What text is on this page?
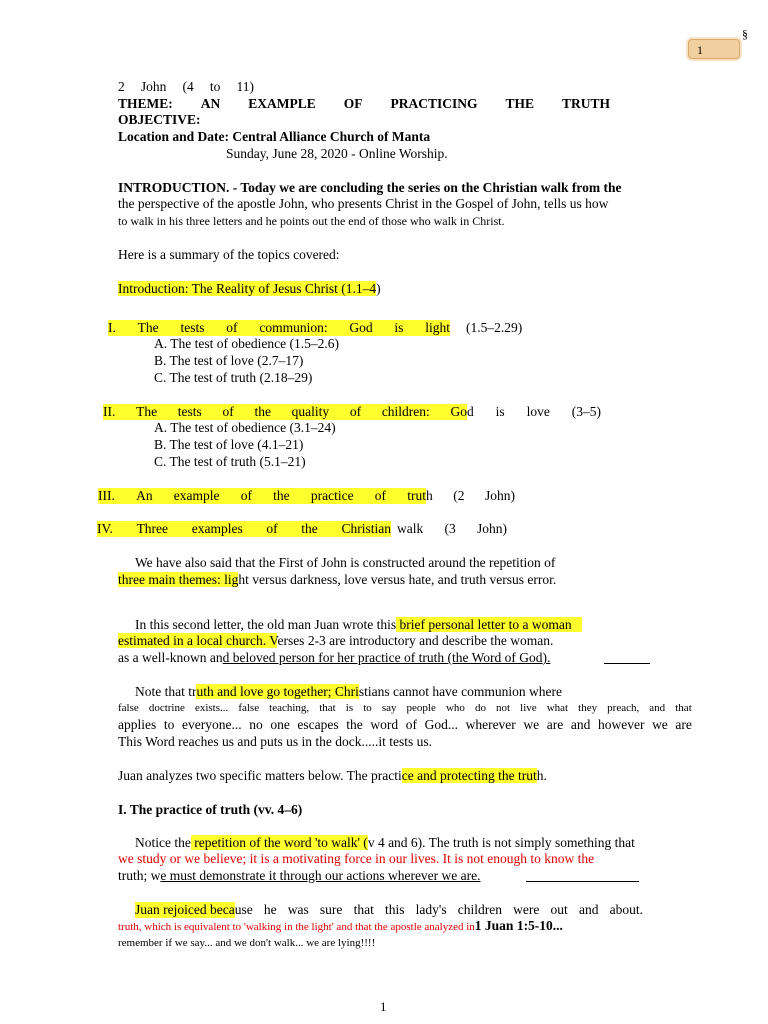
§
1
2 John (4 to 11)
THEME: AN EXAMPLE OF PRACTICING THE TRUTH
OBJECTIVE:
Location and Date: Central Alliance Church of Manta
Sunday, June 28, 2020 - Online Worship.
INTRODUCTION. - Today we are concluding the series on the Christian walk from the
the perspective of the apostle John, who presents Christ in the Gospel of John, tells us how
to walk in his three letters and he points out the end of those who walk in Christ.
Here is a summary of the topics covered:
Introduction: The Reality of Jesus Christ (1.1–4)
I. The tests of communion: God is light (1.5–2.29)
A. The test of obedience (1.5–2.6)
B. The test of love (2.7–17)
C. The test of truth (2.18–29)
II. The tests of the quality of children: Go d is love (3–5)
A. The test of obedience (3.1–24)
B. The test of love (4.1–21)
C. The test of truth (5.1–21)
III. An example of the practice of trut h (2 John)
IV. Three examples of the Christian walk (3 John)
We have also said that the First of John is constructed around the repetition of
three main themes: light versus darkness, love versus hate, and truth versus error.
In this second letter, the old man Juan wrote this brief personal letter to a woman
estimated in a local church. Verses 2-3 are introductory and describe the woman.
as a well-known and beloved person for her practice of truth (the Word of God).
Note that truth and love go together; Christians cannot have communion where
false doctrine exists... false teaching, that is to say people who do not live what they preach, and that
applies to everyone... no one escapes the word of God... wherever we are and however we are
This Word reaches us and puts us in the dock.....it tests us.
Juan analyzes two specific matters below. The practice and protecting the truth.
I. The practice of truth (vv. 4–6)
Notice the repetition of the word 'to walk' (v 4 and 6). The truth is not simply something that
we study or we believe; it is a motivating force in our lives. It is not enough to know the
truth; we must demonstrate it through our actions wherever we are.
Juan rejoiced beca use he was sure that this lady's children were out and about.
truth, which is equivalent to 'walking in the light' and that the apostle analyzed in1 Juan 1:5-10...
remember if we say... and we don't walk... we are lying!!!!
1
